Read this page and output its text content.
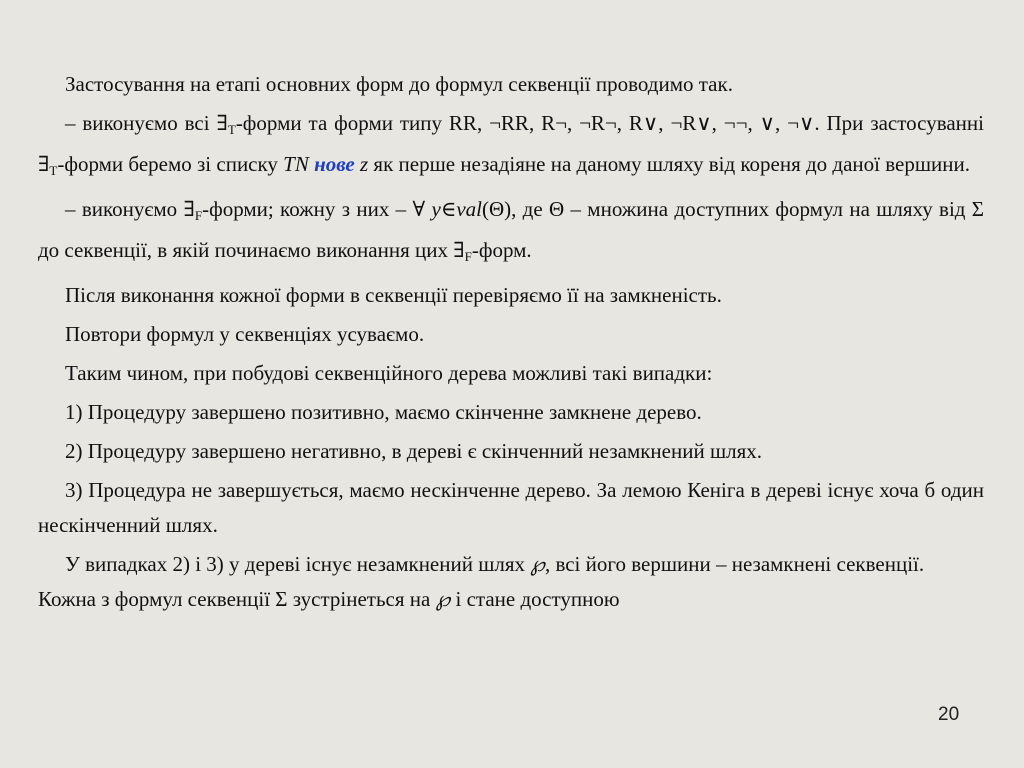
Застосування на етапі основних форм до формул секвенції проводимо так.

– виконуємо всі $\exists_T$-форми та форми типу RR, ¬RR, R¬, ¬R¬, R∨, ¬R∨, ¬¬, ∨, ¬∨. При застосуванні $\exists_T$-форми беремо зі списку TN нове z як перше незадіяне на даному шляху від кореня до даної вершини.

– виконуємо $\exists_F$-форми; кожну з них – ∀ y∈val(Θ), де Θ – множина доступних формул на шляху від Σ до секвенції, в якій починаємо виконання цих $\exists_F$-форм.

Після виконання кожної форми в секвенції перевіряємо її на замкненість.

Повтори формул у секвенціях усуваємо.

Таким чином, при побудові секвенційного дерева можливі такі випадки:

1) Процедуру завершено позитивно, маємо скінченне замкнене дерево.

2) Процедуру завершено негативно, в дереві є скінченний незамкнений шлях.

3) Процедура не завершується, маємо нескінченне дерево. За лемою Кеніга в дереві існує хоча б один нескінченний шлях.

У випадках 2) і 3) у дереві існує незамкнений шлях ℘, всі його вершини – незамкнені секвенції. Кожна з формул секвенції Σ зустрінеться на ℘ і стане доступною

20
